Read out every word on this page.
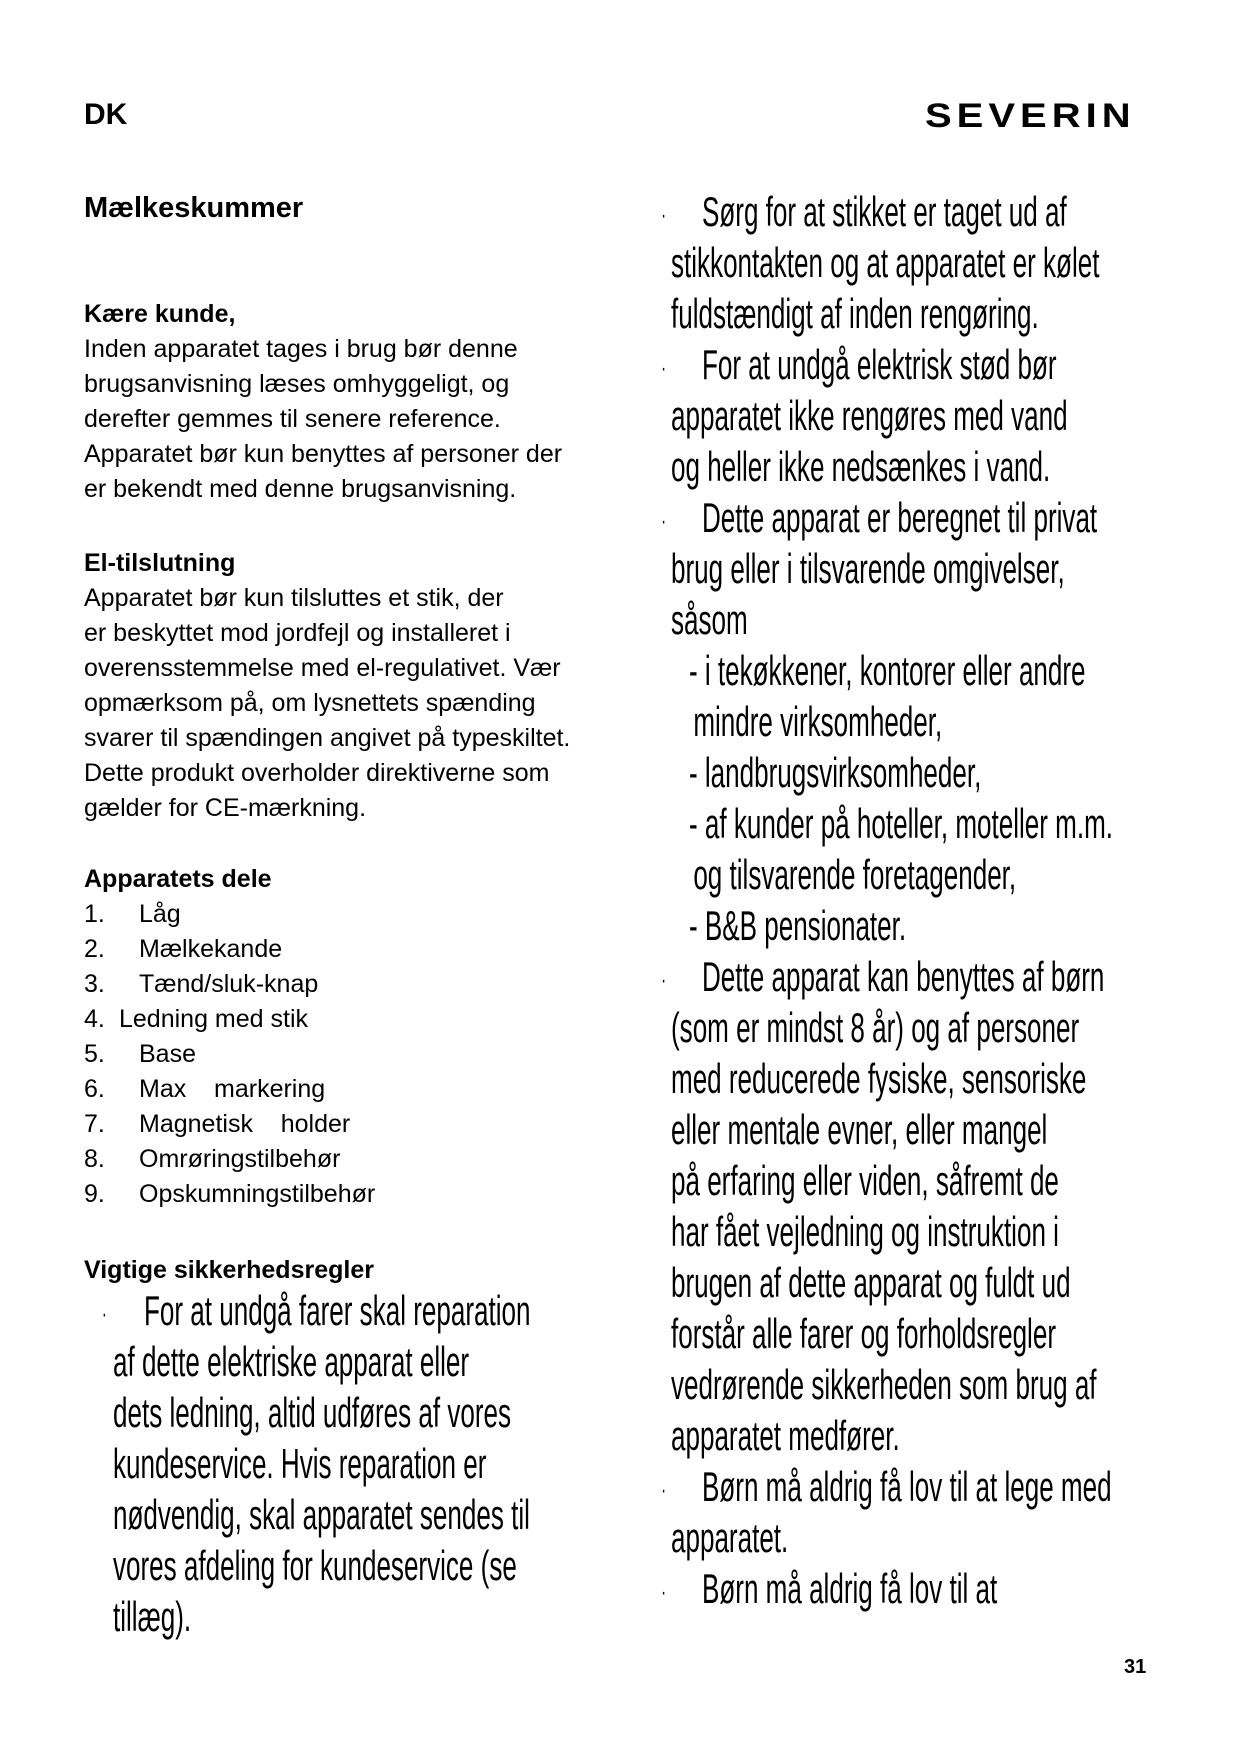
DK	SEVERIN
Mælkeskummer
Kære kunde,
Inden apparatet tages i brug bør denne
brugsanvisning læses omhyggeligt, og
derefter gemmes til senere reference.
Apparatet bør kun benyttes af personer der
er bekendt med denne brugsanvisning.
El-tilslutning
Apparatet bør kun tilsluttes et stik, der
er beskyttet mod jordfejl og installeret i
overensstemmelse med el-regulativet. Vær
opmærksom på, om lysnettets spænding
svarer til spændingen angivet på typeskiltet.
Dette produkt overholder direktiverne som
gælder for CE-mærkning.
Apparatets dele
1. Låg
2. Mælkekande
3. Tænd/sluk-knap
4. Ledning med stik
5. Base
6. Max    markering
7. Magnetisk    holder
8. Omrøringstilbehør
9. Opskumningstilbehør
Vigtige sikkerhedsregler
· For at undgå farer skal reparation
af dette elektriske apparat eller
dets ledning, altid udføres af vores
kundeservice. Hvis reparation er
nødvendig, skal apparatet sendes til
vores afdeling for kundeservice (se
tillæg).
· Sørg for at stikket er taget ud af
stikkontakten og at apparatet er kølet
fuldstændigt af inden rengøring.
· For at undgå elektrisk stød bør
apparatet ikke rengøres med vand
og heller ikke nedsænkes i vand.
· Dette apparat er beregnet til privat
brug eller i tilsvarende omgivelser,
såsom
- i tekøkkener, kontorer eller andre
mindre virksomheder,
- landbrugsvirksomheder,
- af kunder på hoteller, moteller m.m.
og tilsvarende foretagender,
- B&B pensionater.
· Dette apparat kan benyttes af børn
(som er mindst 8 år) og af personer
med reducerede fysiske, sensoriske
eller mentale evner, eller mangel
på erfaring eller viden, såfremt de
har fået vejledning og instruktion i
brugen af dette apparat og fuldt ud
forstår alle farer og forholdsregler
vedrørende sikkerheden som brug af
apparatet medfører.
· Børn må aldrig få lov til at lege med
apparatet.
· Børn må aldrig få lov til at
31
